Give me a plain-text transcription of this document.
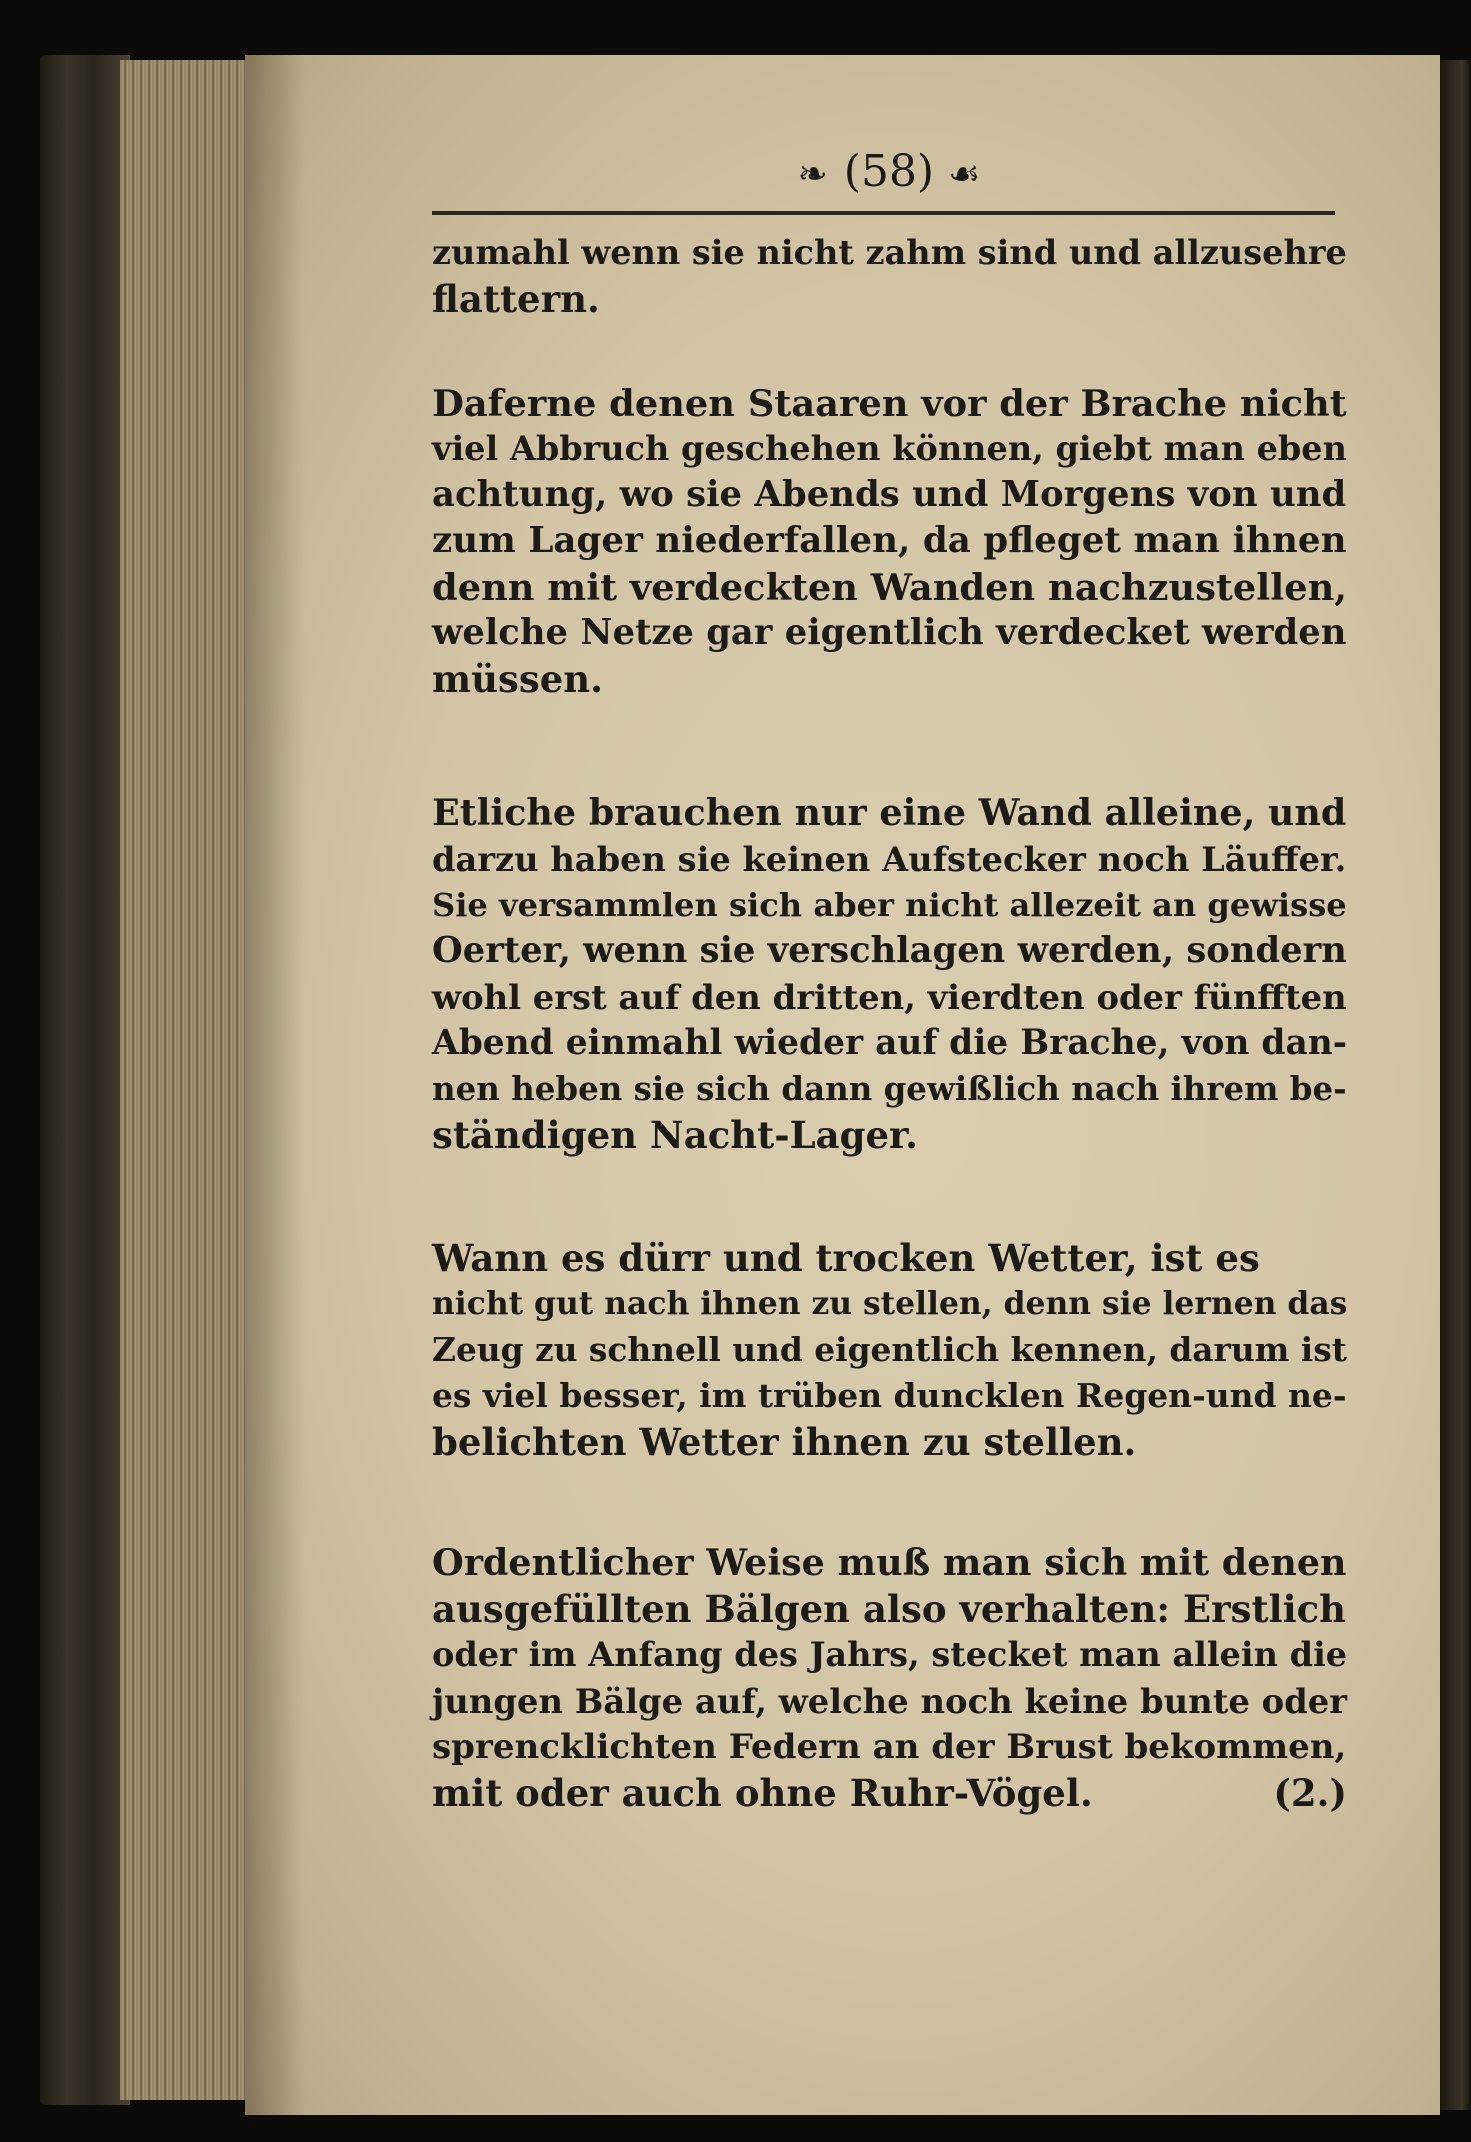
❧ (58) ☙
zumahl wenn sie nicht zahm sind und allzusehre
flattern.
Daferne denen Staaren vor der Brache nicht
viel Abbruch geschehen können, giebt man eben
achtung, wo sie Abends und Morgens von und
zum Lager niederfallen, da pfleget man ihnen
denn mit verdeckten Wanden nachzustellen,
welche Netze gar eigentlich verdecket werden
müssen.
Etliche brauchen nur eine Wand alleine, und
darzu haben sie keinen Aufstecker noch Läuffer.
Sie versammlen sich aber nicht allezeit an gewisse
Oerter, wenn sie verschlagen werden, sondern
wohl erst auf den dritten, vierdten oder fünfften
Abend einmahl wieder auf die Brache, von dan-
nen heben sie sich dann gewißlich nach ihrem be-
ständigen Nacht-Lager.
Wann es dürr und trocken Wetter, ist es
nicht gut nach ihnen zu stellen, denn sie lernen das
Zeug zu schnell und eigentlich kennen, darum ist
es viel besser, im trüben duncklen Regen-und ne-
belichten Wetter ihnen zu stellen.
Ordentlicher Weise muß man sich mit denen
ausgefüllten Bälgen also verhalten: Erstlich
oder im Anfang des Jahrs, stecket man allein die
jungen Bälge auf, welche noch keine bunte oder
sprencklichten Federn an der Brust bekommen,
mit oder auch ohne Ruhr-Vögel.	(2.)
